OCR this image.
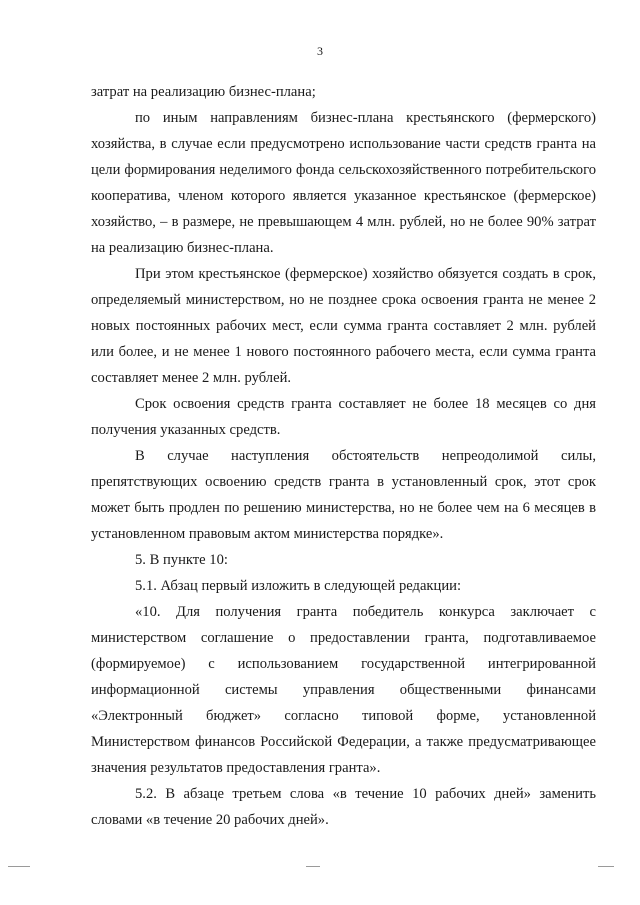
3

затрат на реализацию бизнес-плана;

по иным направлениям бизнес-плана крестьянского (фермерского) хозяйства, в случае если предусмотрено использование части средств гранта на цели формирования неделимого фонда сельскохозяйственного потребительского кооператива, членом которого является указанное крестьянское (фермерское) хозяйство, – в размере, не превышающем 4 млн. рублей, но не более 90% затрат на реализацию бизнес-плана.

При этом крестьянское (фермерское) хозяйство обязуется создать в срок, определяемый министерством, но не позднее срока освоения гранта не менее 2 новых постоянных рабочих мест, если сумма гранта составляет 2 млн. рублей или более, и не менее 1 нового постоянного рабочего места, если сумма гранта составляет менее 2 млн. рублей.

Срок освоения средств гранта составляет не более 18 месяцев со дня получения указанных средств.

В случае наступления обстоятельств непреодолимой силы, препятствующих освоению средств гранта в установленный срок, этот срок может быть продлен по решению министерства, но не более чем на 6 месяцев в установленном правовым актом министерства порядке».

5. В пункте 10:

5.1. Абзац первый изложить в следующей редакции:

«10. Для получения гранта победитель конкурса заключает с министерством соглашение о предоставлении гранта, подготавливаемое (формируемое) с использованием государственной интегрированной информационной системы управления общественными финансами «Электронный бюджет» согласно типовой форме, установленной Министерством финансов Российской Федерации, а также предусматривающее значения результатов предоставления гранта».

5.2. В абзаце третьем слова «в течение 10 рабочих дней» заменить словами «в течение 20 рабочих дней».
